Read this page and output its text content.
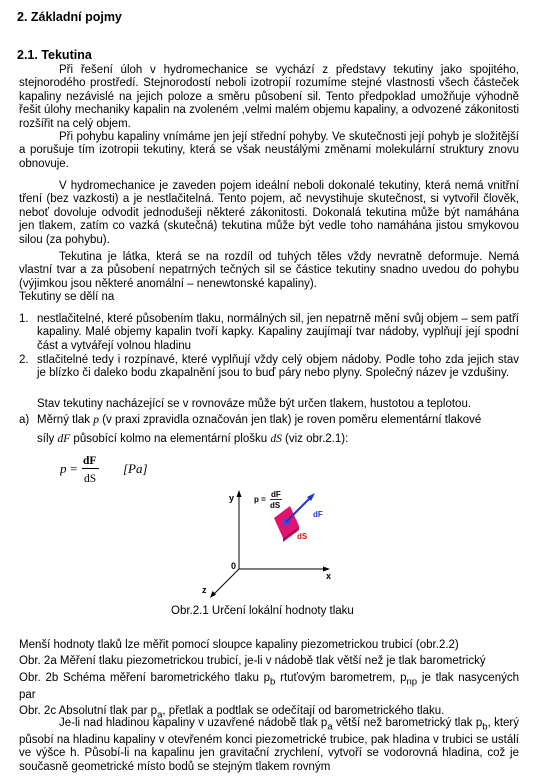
2. Základní pojmy
2.1. Tekutina

Při řešení úloh v hydromechanice se vychází z představy tekutiny jako spojitého, stejnorodého prostředí. Stejnorodostí neboli izotropií rozumíme stejné vlastnosti všech částeček kapaliny nezávislé na jejich poloze a směru působení sil. Tento předpoklad umožňuje výhodně řešit úlohy mechaniky kapalin na zvoleném ,velmi malém objemu kapaliny, a odvozené zákonitosti rozšířit na celý objem.

Při pohybu kapaliny vnímáme jen její střední pohyby. Ve skutečnosti její pohyb je složitější a porušuje tím izotropii tekutiny, která se však neustálými změnami molekulární struktury znovu obnovuje.

V hydromechanice je zaveden pojem ideální neboli dokonalé tekutiny, která nemá vnitřní tření (bez vazkosti) a je nestlačitelná. Tento pojem, ač nevystihuje skutečnost, si vytvořil člověk, neboť dovoluje odvodit jednodušeji některé zákonitosti. Dokonalá tekutina může být namáhána jen tlakem, zatím co vazká (skutečná) tekutina může být vedle toho namáhána jistou smykovou silou (za pohybu).

Tekutina je látka, která se na rozdíl od tuhých těles vždy nevratně deformuje. Nemá vlastní tvar a za působení nepatrných tečných sil se částice tekutiny snadno uvedou do pohybu (výjimkou jsou některé anomální – nenewtonské kapaliny).

Tekutiny se dělí na

1. nestlačitelné, které působením tlaku, normálných sil, jen nepatrně mění svůj objem – sem patří kapaliny. Malé objemy kapalin tvoří kapky. Kapaliny zaujímají tvar nádoby, vyplňují její spodní část a vytvářejí volnou hladinu
2. stlačitelné tedy i rozpínavé, které vyplňují vždy celý objem nádoby. Podle toho zda jejich stav je blízko či daleko bodu zkapalnění jsou to buď páry nebo plyny. Společný název je vzdušiny.
Stav tekutiny nacházející se v rovnováze může být určen tlakem, hustotou a teplotou.
a) Měrný tlak p (v praxi zpravidla označován jen tlak) je roven poměru elementární tlakové
síly dF působící kolmo na elementární plošku dS (viz obr.2.1):
p = dF
dS
[Pa]
y
x
z
0
p =
dF
dS
dF
dS
Obr.2.1 Určení lokální hodnoty tlaku
Menší hodnoty tlaků lze měřit pomocí sloupce kapaliny piezometrickou trubicí (obr.2.2)
Obr. 2a Měření tlaku piezometrickou trubicí, je-li v nádobě tlak větší než je tlak barometrický
Obr. 2b Schéma měření barometrického tlaku $p_b$ rtuťovým barometrem, $p_{np}$ je tlak nasycených par
Obr. 2c Absolutní tlak par $p_a$, přetlak a podtlak se odečítají od barometrického tlaku.

Je-li nad hladinou kapaliny v uzavřené nádobě tlak $p_a$ větší než barometrický tlak $p_b$, který působí na hladinu kapaliny v otevřeném konci piezometrické trubice, pak hladina v trubici se ustálí ve výšce h. Působí-li na kapalinu jen gravitační zrychlení, vytvoří se vodorovná hladina, což je současně geometrické místo bodů se stejným tlakem rovným
